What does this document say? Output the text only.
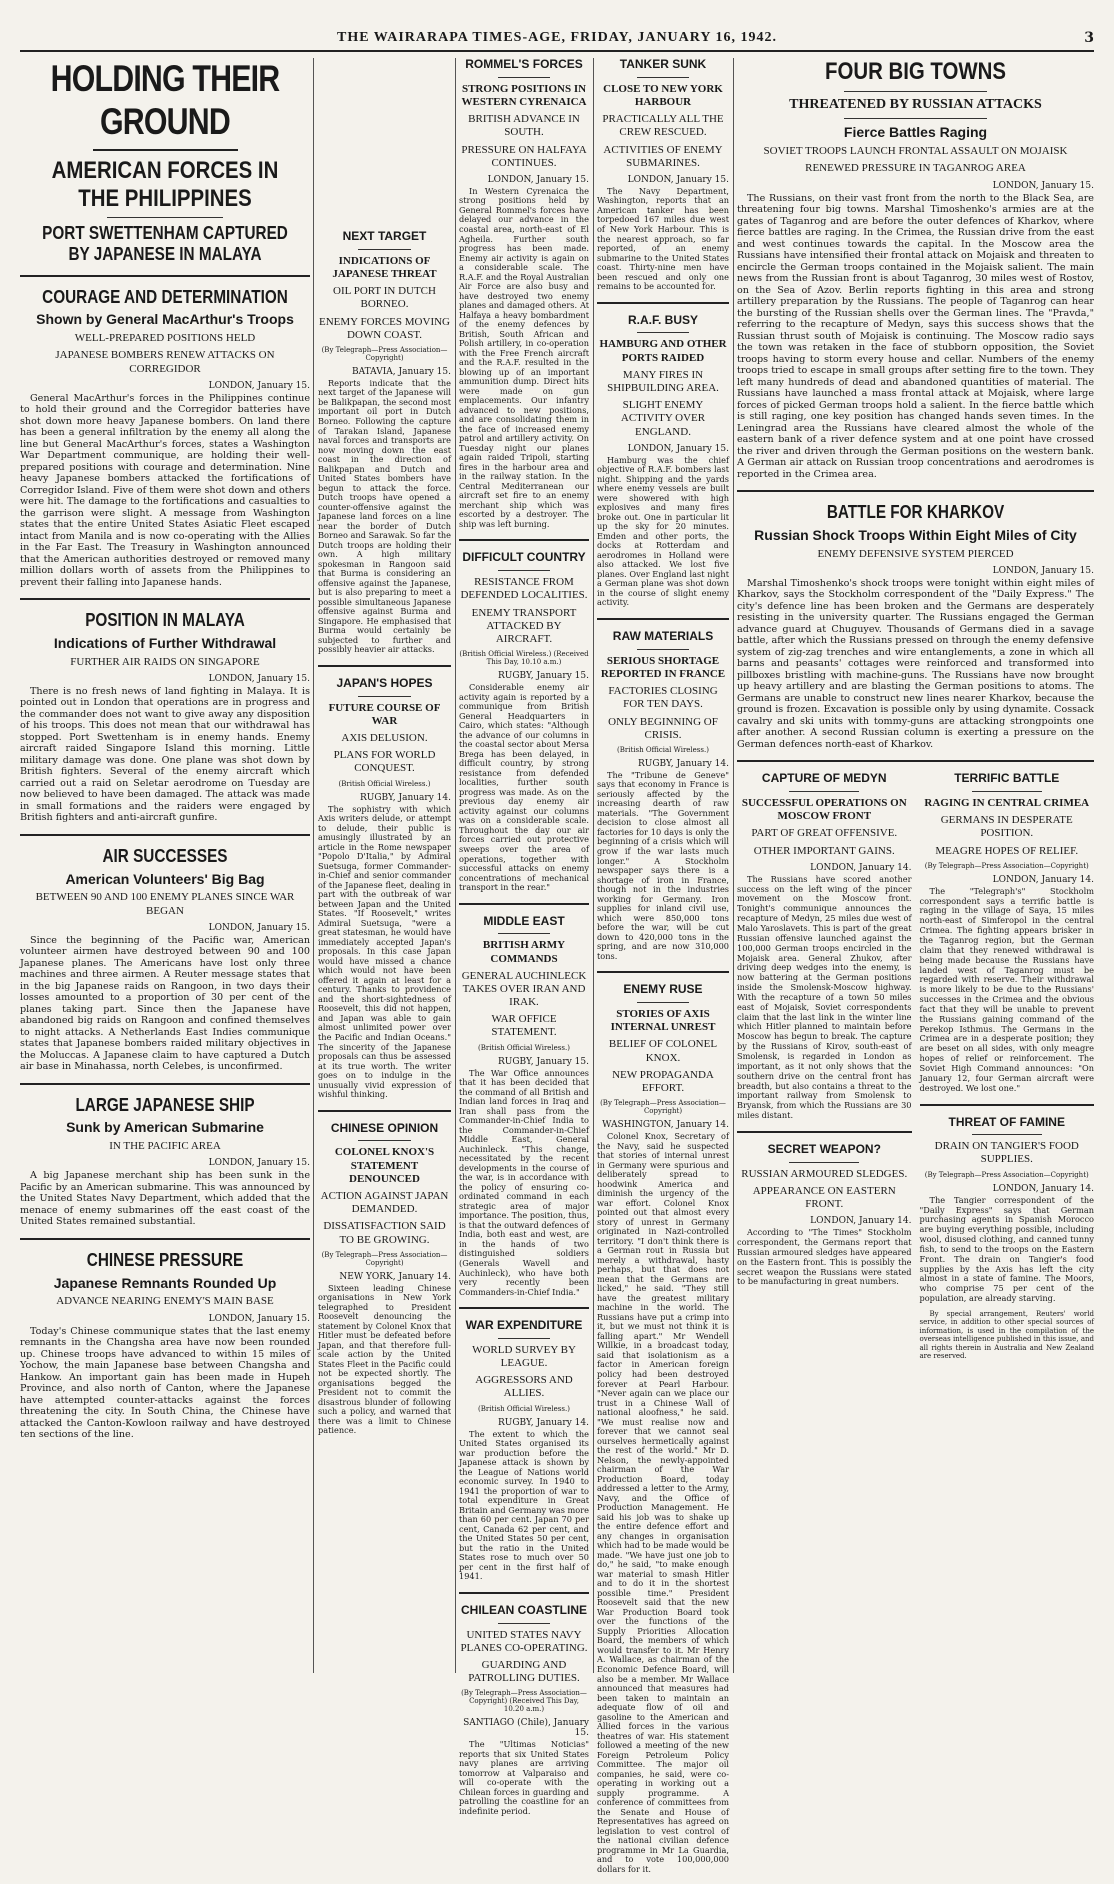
THE WAIRARAPA TIMES-AGE, FRIDAY, JANUARY 16, 1942.	3
HOLDING THEIR GROUND
AMERICAN FORCES IN THE PHILIPPINES
PORT SWETTENHAM CAPTURED BY JAPANESE IN MALAYA
COURAGE AND DETERMINATION
Shown by General MacArthur's Troops
WELL-PREPARED POSITIONS HELD
JAPANESE BOMBERS RENEW ATTACKS ON CORREGIDOR
LONDON, January 15.
General MacArthur's forces in the Philippines continue to hold their ground and the Corregidor batteries have shot down more heavy Japanese bombers. On land there has been a general infiltration by the enemy all along the line but General MacArthur's forces, states a Washington War Department communique, are holding their well-prepared positions with courage and determination. Nine heavy Japanese bombers attacked the fortifications of Corregidor Island. Five of them were shot down and others were hit. The damage to the fortifications and casualties to the garrison were slight. A message from Washington states that the entire United States Asiatic Fleet escaped intact from Manila and is now co-operating with the Allies in the Far East. The Treasury in Washington announced that the American authorities destroyed or removed many million dollars worth of assets from the Philippines to prevent their falling into Japanese hands.
POSITION IN MALAYA
Indications of Further Withdrawal
FURTHER AIR RAIDS ON SINGAPORE
LONDON, January 15.
There is no fresh news of land fighting in Malaya. It is pointed out in London that operations are in progress and the commander does not want to give away any disposition of his troops. This does not mean that our withdrawal has stopped. Port Swettenham is in enemy hands. Enemy aircraft raided Singapore Island this morning. Little military damage was done. One plane was shot down by British fighters. Several of the enemy aircraft which carried out a raid on Seletar aerodrome on Tuesday are now believed to have been damaged. The attack was made in small formations and the raiders were engaged by British fighters and anti-aircraft gunfire.
AIR SUCCESSES
American Volunteers' Big Bag
BETWEEN 90 AND 100 ENEMY PLANES SINCE WAR BEGAN
LONDON, January 15.
Since the beginning of the Pacific war, American volunteer airmen have destroyed between 90 and 100 Japanese planes. The Americans have lost only three machines and three airmen. A Reuter message states that in the big Japanese raids on Rangoon, in two days their losses amounted to a proportion of 30 per cent of the planes taking part. Since then the Japanese have abandoned big raids on Rangoon and confined themselves to night attacks. A Netherlands East Indies communique states that Japanese bombers raided military objectives in the Moluccas. A Japanese claim to have captured a Dutch air base in Minahassa, north Celebes, is unconfirmed.
LARGE JAPANESE SHIP
Sunk by American Submarine
IN THE PACIFIC AREA
LONDON, January 15.
A big Japanese merchant ship has been sunk in the Pacific by an American submarine. This was announced by the United States Navy Department, which added that the menace of enemy submarines off the east coast of the United States remained substantial.
CHINESE PRESSURE
Japanese Remnants Rounded Up
ADVANCE NEARING ENEMY'S MAIN BASE
LONDON, January 15.
Today's Chinese communique states that the last enemy remnants in the Changsha area have now been rounded up. Chinese troops have advanced to within 15 miles of Yochow, the main Japanese base between Changsha and Hankow. An important gain has been made in Hupeh Province, and also north of Canton, where the Japanese have attempted counter-attacks against the forces threatening the city. In South China, the Chinese have attacked the Canton-Kowloon railway and have destroyed ten sections of the line.
NEXT TARGET
INDICATIONS OF JAPANESE THREAT
OIL PORT IN DUTCH BORNEO.
ENEMY FORCES MOVING DOWN COAST.
(By Telegraph—Press Association—Copyright)
BATAVIA, January 15.
Reports indicate that the next target of the Japanese will be Balikpapan, the second most important oil port in Dutch Borneo. Following the capture of Tarakan Island, Japanese naval forces and transports are now moving down the east coast in the direction of Balikpapan and Dutch and United States bombers have begun to attack the force. Dutch troops have opened a counter-offensive against the Japanese land forces on a line near the border of Dutch Borneo and Sarawak. So far the Dutch troops are holding their own. A high military spokesman in Rangoon said that Burma is considering an offensive against the Japanese, but is also preparing to meet a possible simultaneous Japanese offensive against Burma and Singapore. He emphasised that Burma would certainly be subjected to further and possibly heavier air attacks.
JAPAN'S HOPES
FUTURE COURSE OF WAR
AXIS DELUSION.
PLANS FOR WORLD CONQUEST.
(British Official Wireless.)
RUGBY, January 14.
The sophistry with which Axis writers delude, or attempt to delude, their public is amusingly illustrated by an article in the Rome newspaper "Popolo D'Italia," by Admiral Suetsuga, former Commander-in-Chief and senior commander of the Japanese fleet, dealing in part with the outbreak of war between Japan and the United States. "If Roosevelt," writes Admiral Suetsuga, "were a great statesman, he would have immediately accepted Japan's proposals. In this case Japan would have missed a chance which would not have been offered it again at least for a century. Thanks to providence and the short-sightedness of Roosevelt, this did not happen, and Japan was able to gain almost unlimited power over the Pacific and Indian Oceans." The sincerity of the Japanese proposals can thus be assessed at its true worth. The writer goes on to indulge in the unusually vivid expression of wishful thinking.
CHINESE OPINION
COLONEL KNOX'S STATEMENT DENOUNCED
ACTION AGAINST JAPAN DEMANDED.
DISSATISFACTION SAID TO BE GROWING.
(By Telegraph—Press Association—Copyright)
NEW YORK, January 14.
Sixteen leading Chinese organisations in New York telegraphed to President Roosevelt denouncing the statement by Colonel Knox that Hitler must be defeated before Japan, and that therefore full-scale action by the United States Fleet in the Pacific could not be expected shortly. The organisations begged the President not to commit the disastrous blunder of following such a policy, and warned that there was a limit to Chinese patience.
ROMMEL'S FORCES
STRONG POSITIONS IN WESTERN CYRENAICA
BRITISH ADVANCE IN SOUTH.
PRESSURE ON HALFAYA CONTINUES.
LONDON, January 15.
In Western Cyrenaica the strong positions held by General Rommel's forces have delayed our advance in the coastal area, north-east of El Agheila. Further south progress has been made. Enemy air activity is again on a considerable scale. The R.A.F. and the Royal Australian Air Force are also busy and have destroyed two enemy planes and damaged others. At Halfaya a heavy bombardment of the enemy defences by British, South African and Polish artillery, in co-operation with the Free French aircraft and the R.A.F. resulted in the blowing up of an important ammunition dump. Direct hits were made on gun emplacements. Our infantry advanced to new positions, and are consolidating them in the face of increased enemy patrol and artillery activity. On Tuesday night our planes again raided Tripoli, starting fires in the harbour area and in the railway station. In the Central Mediterranean our aircraft set fire to an enemy merchant ship which was escorted by a destroyer. The ship was left burning.
DIFFICULT COUNTRY
RESISTANCE FROM DEFENDED LOCALITIES.
ENEMY TRANSPORT ATTACKED BY AIRCRAFT.
(British Official Wireless.) (Received This Day, 10.10 a.m.)
RUGBY, January 15.
Considerable enemy air activity again is reported by a communique from British General Headquarters in Cairo, which states: "Although the advance of our columns in the coastal sector about Mersa Brega has been delayed, in difficult country, by strong resistance from defended localities, further south progress was made. As on the previous day enemy air activity against our columns was on a considerable scale. Throughout the day our air forces carried out protective sweeps over the area of operations, together with successful attacks on enemy concentrations of mechanical transport in the rear."
MIDDLE EAST
BRITISH ARMY COMMANDS
GENERAL AUCHINLECK TAKES OVER IRAN AND IRAK.
WAR OFFICE STATEMENT.
(British Official Wireless.)
RUGBY, January 15.
The War Office announces that it has been decided that the command of all British and Indian land forces in Iraq and Iran shall pass from the Commander-in-Chief India to the Commander-in-Chief Middle East, General Auchinleck. "This change, necessitated by the recent developments in the course of the war, is in accordance with the policy of ensuring co-ordinated command in each strategic area of major importance. The position, thus, is that the outward defences of India, both east and west, are in the hands of two distinguished soldiers (Generals Wavell and Auchinleck), who have both very recently been Commanders-in-Chief India."
WAR EXPENDITURE
WORLD SURVEY BY LEAGUE.
AGGRESSORS AND ALLIES.
(British Official Wireless.)
RUGBY, January 14.
The extent to which the United States organised its war production before the Japanese attack is shown by the League of Nations world economic survey. In 1940 to 1941 the proportion of war to total expenditure in Great Britain and Germany was more than 60 per cent. Japan 70 per cent, Canada 62 per cent, and the United States 50 per cent, but the ratio in the United States rose to much over 50 per cent in the first half of 1941.
CHILEAN COASTLINE
UNITED STATES NAVY PLANES CO-OPERATING.
GUARDING AND PATROLLING DUTIES.
(By Telegraph—Press Association—Copyright) (Received This Day, 10.20 a.m.)
SANTIAGO (Chile), January 15.
The "Ultimas Noticias" reports that six United States navy planes are arriving tomorrow at Valparaiso and will co-operate with the Chilean forces in guarding and patrolling the coastline for an indefinite period.
TANKER SUNK
CLOSE TO NEW YORK HARBOUR
PRACTICALLY ALL THE CREW RESCUED.
ACTIVITIES OF ENEMY SUBMARINES.
LONDON, January 15.
The Navy Department, Washington, reports that an American tanker has been torpedoed 167 miles due west of New York Harbour. This is the nearest approach, so far reported, of an enemy submarine to the United States coast. Thirty-nine men have been rescued and only one remains to be accounted for.
R.A.F. BUSY
HAMBURG AND OTHER PORTS RAIDED
MANY FIRES IN SHIPBUILDING AREA.
SLIGHT ENEMY ACTIVITY OVER ENGLAND.
LONDON, January 15.
Hamburg was the chief objective of R.A.F. bombers last night. Shipping and the yards where enemy vessels are built were showered with high explosives and many fires broke out. One in particular lit up the sky for 20 minutes. Emden and other ports, the docks at Rotterdam and aerodromes in Holland were also attacked. We lost five planes. Over England last night a German plane was shot down in the course of slight enemy activity.
RAW MATERIALS
SERIOUS SHORTAGE REPORTED IN FRANCE
FACTORIES CLOSING FOR TEN DAYS.
ONLY BEGINNING OF CRISIS.
(British Official Wireless.)
RUGBY, January 14.
The "Tribune de Geneve" says that economy in France is seriously affected by the increasing dearth of raw materials. "The Government decision to close almost all factories for 10 days is only the beginning of a crisis which will grow if the war lasts much longer." A Stockholm newspaper says there is a shortage of iron in France, though not in the industries working for Germany. Iron supplies for inland civil use, which were 850,000 tons before the war, will be cut down to 420,000 tons in the spring, and are now 310,000 tons.
ENEMY RUSE
STORIES OF AXIS INTERNAL UNREST
BELIEF OF COLONEL KNOX.
NEW PROPAGANDA EFFORT.
(By Telegraph—Press Association—Copyright)
WASHINGTON, January 14.
Colonel Knox, Secretary of the Navy, said he suspected that stories of internal unrest in Germany were spurious and deliberately spread to hoodwink America and diminish the urgency of the war effort. Colonel Knox pointed out that almost every story of unrest in Germany originated in Nazi-controlled territory. "I don't think there is a German rout in Russia but merely a withdrawal, hasty perhaps, but that does not mean that the Germans are licked," he said. "They still have the greatest military machine in the world. The Russians have put a crimp into it, but we must not think it is falling apart." Mr Wendell Willkie, in a broadcast today, said that isolationism as a factor in American foreign policy had been destroyed forever at Pearl Harbour. "Never again can we place our trust in a Chinese Wall of national aloofness," he said. "We must realise now and forever that we cannot seal ourselves hermetically against the rest of the world." Mr D. Nelson, the newly-appointed chairman of the War Production Board, today addressed a letter to the Army, Navy, and the Office of Production Management. He said his job was to shake up the entire defence effort and any changes in organisation which had to be made would be made. "We have just one job to do," he said, "to make enough war material to smash Hitler and to do it in the shortest possible time." President Roosevelt said that the new War Production Board took over the functions of the Supply Priorities Allocation Board, the members of which would transfer to it. Mr Henry A. Wallace, as chairman of the Economic Defence Board, will also be a member. Mr Wallace announced that measures had been taken to maintain an adequate flow of oil and gasoline to the American and Allied forces in the various theatres of war. His statement followed a meeting of the new Foreign Petroleum Policy Committee. The major oil companies, he said, were co-operating in working out a supply programme. A conference of committees from the Senate and House of Representatives has agreed on legislation to vest control of the national civilian defence programme in Mr La Guardia, and to vote 100,000,000 dollars for it.
FOUR BIG TOWNS
THREATENED BY RUSSIAN ATTACKS
Fierce Battles Raging
SOVIET TROOPS LAUNCH FRONTAL ASSAULT ON MOJAISK
RENEWED PRESSURE IN TAGANROG AREA
LONDON, January 15.
The Russians, on their vast front from the north to the Black Sea, are threatening four big towns. Marshal Timoshenko's armies are at the gates of Taganrog and are before the outer defences of Kharkov, where fierce battles are raging. In the Crimea, the Russian drive from the east and west continues towards the capital. In the Moscow area the Russians have intensified their frontal attack on Mojaisk and threaten to encircle the German troops contained in the Mojaisk salient. The main news from the Russian front is about Taganrog, 30 miles west of Rostov, on the Sea of Azov. Berlin reports fighting in this area and strong artillery preparation by the Russians. The people of Taganrog can hear the bursting of the Russian shells over the German lines. The "Pravda," referring to the recapture of Medyn, says this success shows that the Russian thrust south of Mojaisk is continuing. The Moscow radio says the town was retaken in the face of stubborn opposition, the Soviet troops having to storm every house and cellar. Numbers of the enemy troops tried to escape in small groups after setting fire to the town. They left many hundreds of dead and abandoned quantities of material. The Russians have launched a mass frontal attack at Mojaisk, where large forces of picked German troops hold a salient. In the fierce battle which is still raging, one key position has changed hands seven times. In the Leningrad area the Russians have cleared almost the whole of the eastern bank of a river defence system and at one point have crossed the river and driven through the German positions on the western bank. A German air attack on Russian troop concentrations and aerodromes is reported in the Crimea area.
BATTLE FOR KHARKOV
Russian Shock Troops Within Eight Miles of City
ENEMY DEFENSIVE SYSTEM PIERCED
LONDON, January 15.
Marshal Timoshenko's shock troops were tonight within eight miles of Kharkov, says the Stockholm correspondent of the "Daily Express." The city's defence line has been broken and the Germans are desperately resisting in the university quarter. The Russians engaged the German advance guard at Chuguyev. Thousands of Germans died in a savage battle, after which the Russians pressed on through the enemy defensive system of zig-zag trenches and wire entanglements, a zone in which all barns and peasants' cottages were reinforced and transformed into pillboxes bristling with machine-guns. The Russians have now brought up heavy artillery and are blasting the German positions to atoms. The Germans are unable to construct new lines nearer Kharkov, because the ground is frozen. Excavation is possible only by using dynamite. Cossack cavalry and ski units with tommy-guns are attacking strongpoints one after another. A second Russian column is exerting a pressure on the German defences north-east of Kharkov.
CAPTURE OF MEDYN
SUCCESSFUL OPERATIONS ON MOSCOW FRONT
PART OF GREAT OFFENSIVE.
OTHER IMPORTANT GAINS.
LONDON, January 14.
The Russians have scored another success on the left wing of the pincer movement on the Moscow front. Tonight's communique announces the recapture of Medyn, 25 miles due west of Malo Yaroslavets. This is part of the great Russian offensive launched against the 100,000 German troops encircled in the Mojaisk area. General Zhukov, after driving deep wedges into the enemy, is now battering at the German positions inside the Smolensk-Moscow highway. With the recapture of a town 50 miles east of Mojaisk, Soviet correspondents claim that the last link in the winter line which Hitler planned to maintain before Moscow has begun to break. The capture by the Russians of Kirov, south-east of Smolensk, is regarded in London as important, as it not only shows that the southern drive on the central front has breadth, but also contains a threat to the important railway from Smolensk to Bryansk, from which the Russians are 30 miles distant.
SECRET WEAPON?
RUSSIAN ARMOURED SLEDGES.
APPEARANCE ON EASTERN FRONT.
LONDON, January 14.
According to "The Times" Stockholm correspondent, the Germans report that Russian armoured sledges have appeared on the Eastern front. This is possibly the secret weapon the Russians were stated to be manufacturing in great numbers.
TERRIFIC BATTLE
RAGING IN CENTRAL CRIMEA
GERMANS IN DESPERATE POSITION.
MEAGRE HOPES OF RELIEF.
(By Telegraph—Press Association—Copyright)
LONDON, January 14.
The "Telegraph's" Stockholm correspondent says a terrific battle is raging in the village of Saya, 15 miles north-east of Simferopol in the central Crimea. The fighting appears brisker in the Taganrog region, but the German claim that they renewed withdrawal is being made because the Russians have landed west of Taganrog must be regarded with reserve. Their withdrawal is more likely to be due to the Russians' successes in the Crimea and the obvious fact that they will be unable to prevent the Russians gaining command of the Perekop Isthmus. The Germans in the Crimea are in a desperate position; they are beset on all sides, with only meagre hopes of relief or reinforcement. The Soviet High Command announces: "On January 12, four German aircraft were destroyed. We lost one."
THREAT OF FAMINE
DRAIN ON TANGIER'S FOOD SUPPLIES.
(By Telegraph—Press Association—Copyright)
LONDON, January 14.
The Tangier correspondent of the "Daily Express" says that German purchasing agents in Spanish Morocco are buying everything possible, including wool, disused clothing, and canned tunny fish, to send to the troops on the Eastern Front. The drain on Tangier's food supplies by the Axis has left the city almost in a state of famine. The Moors, who comprise 75 per cent of the population, are already starving.
By special arrangement, Reuters' world service, in addition to other special sources of information, is used in the compilation of the overseas intelligence published in this issue, and all rights therein in Australia and New Zealand are reserved.
